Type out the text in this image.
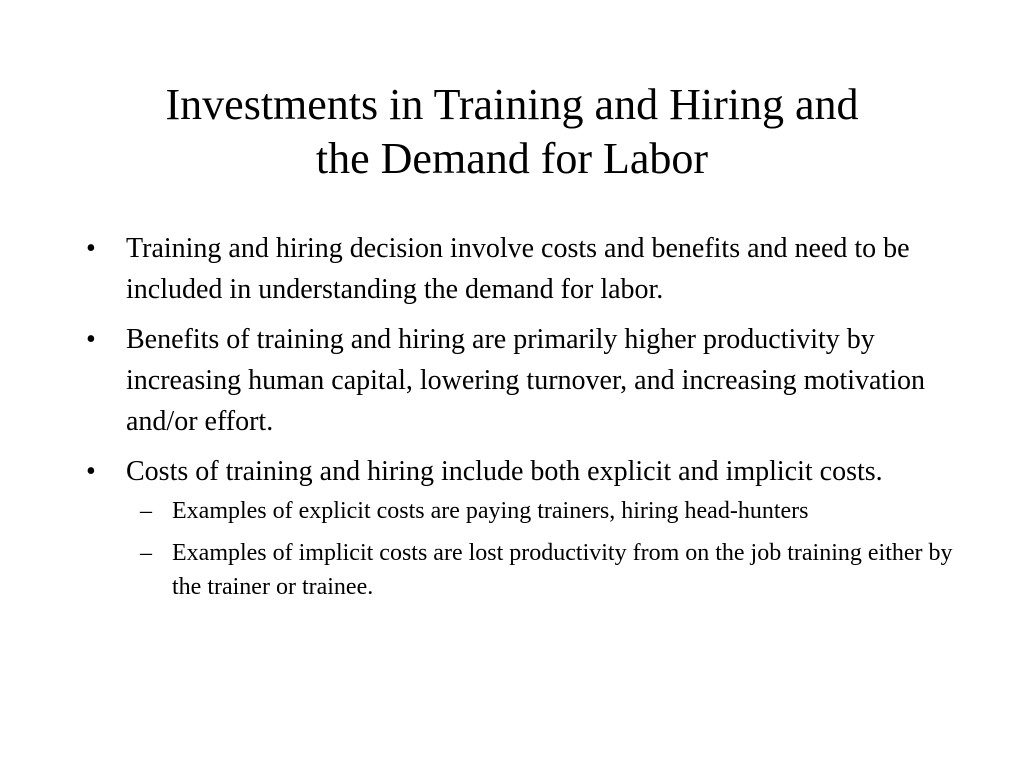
Investments in Training and Hiring and
the Demand for Labor
• Training and hiring decision involve costs and benefits and need to be included in understanding the demand for labor.
• Benefits of training and hiring are primarily higher productivity by increasing human capital, lowering turnover, and increasing motivation and/or effort.
• Costs of training and hiring include both explicit and implicit costs.
– Examples of explicit costs are paying trainers, hiring head-hunters
– Examples of implicit costs are lost productivity from on the job training either by the trainer or trainee.
